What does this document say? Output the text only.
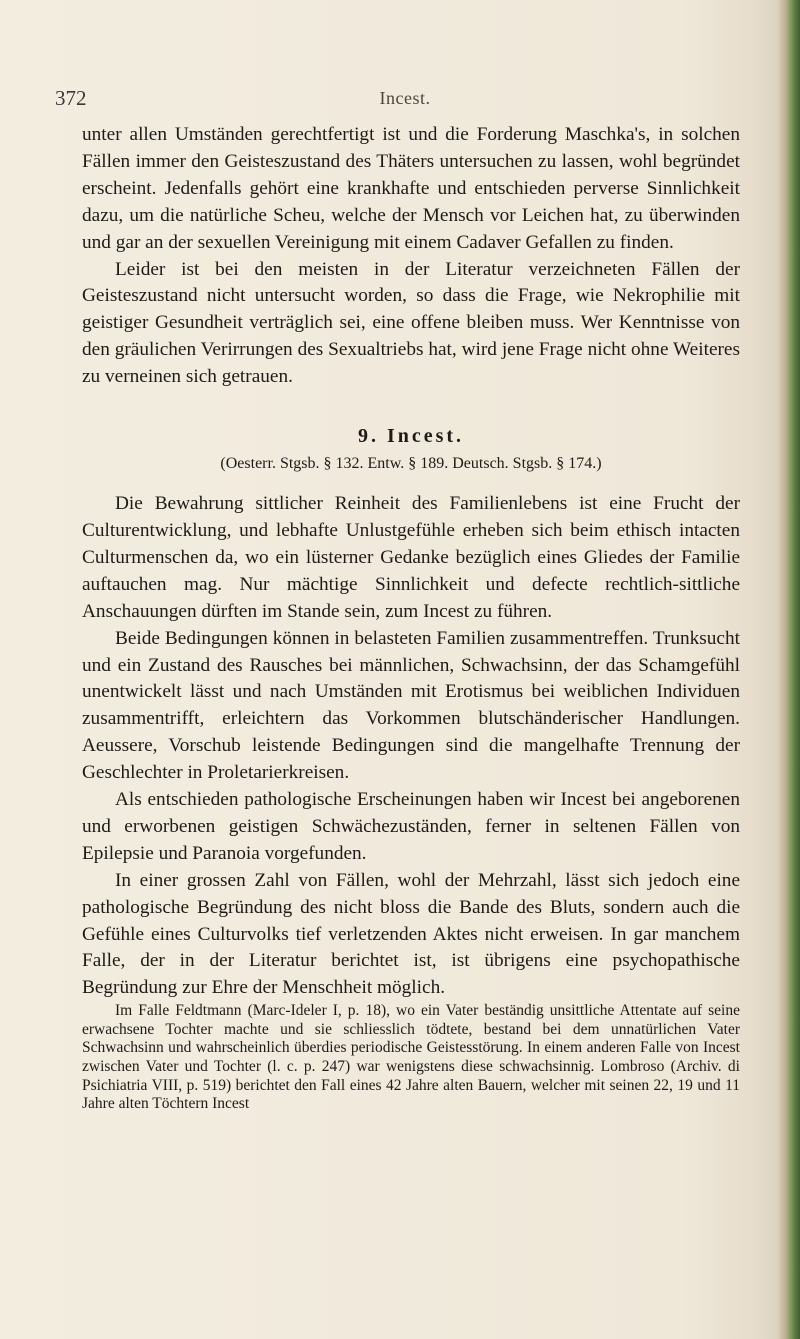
372	Incest.

unter allen Umständen gerechtfertigt ist und die Forderung Maschka's, in solchen Fällen immer den Geisteszustand des Thäters untersuchen zu lassen, wohl begründet erscheint. Jedenfalls gehört eine krankhafte und entschieden perverse Sinnlichkeit dazu, um die natürliche Scheu, welche der Mensch vor Leichen hat, zu überwinden und gar an der sexuellen Vereinigung mit einem Cadaver Gefallen zu finden.

Leider ist bei den meisten in der Literatur verzeichneten Fällen der Geisteszustand nicht untersucht worden, so dass die Frage, wie Nekrophilie mit geistiger Gesundheit verträglich sei, eine offene bleiben muss. Wer Kenntnisse von den gräulichen Verirrungen des Sexualtriebs hat, wird jene Frage nicht ohne Weiteres zu verneinen sich getrauen.

9. Incest.
(Oesterr. Stgsb. § 132. Entw. § 189. Deutsch. Stgsb. § 174.)

Die Bewahrung sittlicher Reinheit des Familienlebens ist eine Frucht der Culturentwicklung, und lebhafte Unlustgefühle erheben sich beim ethisch intacten Culturmenschen da, wo ein lüsterner Gedanke bezüglich eines Gliedes der Familie auftauchen mag. Nur mächtige Sinnlichkeit und defecte rechtlich-sittliche Anschauungen dürften im Stande sein, zum Incest zu führen.

Beide Bedingungen können in belasteten Familien zusammentreffen. Trunksucht und ein Zustand des Rausches bei männlichen, Schwachsinn, der das Schamgefühl unentwickelt lässt und nach Umständen mit Erotismus bei weiblichen Individuen zusammentrifft, erleichtern das Vorkommen blutschänderischer Handlungen. Aeussere, Vorschub leistende Bedingungen sind die mangelhafte Trennung der Geschlechter in Proletarierkreisen.

Als entschieden pathologische Erscheinungen haben wir Incest bei angeborenen und erworbenen geistigen Schwächezuständen, ferner in seltenen Fällen von Epilepsie und Paranoia vorgefunden.

In einer grossen Zahl von Fällen, wohl der Mehrzahl, lässt sich jedoch eine pathologische Begründung des nicht bloss die Bande des Bluts, sondern auch die Gefühle eines Culturvolks tief verletzenden Aktes nicht erweisen. In gar manchem Falle, der in der Literatur berichtet ist, ist übrigens eine psychopathische Begründung zur Ehre der Menschheit möglich.

Im Falle Feldtmann (Marc-Ideler I, p. 18), wo ein Vater beständig unsittliche Attentate auf seine erwachsene Tochter machte und sie schliesslich tödtete, bestand bei dem unnatürlichen Vater Schwachsinn und wahrscheinlich überdies periodische Geistesstörung. In einem anderen Falle von Incest zwischen Vater und Tochter (l. c. p. 247) war wenigstens diese schwachsinnig. Lombroso (Archiv. di Psichiatria VIII, p. 519) berichtet den Fall eines 42 Jahre alten Bauern, welcher mit seinen 22, 19 und 11 Jahre alten Töchtern Incest
